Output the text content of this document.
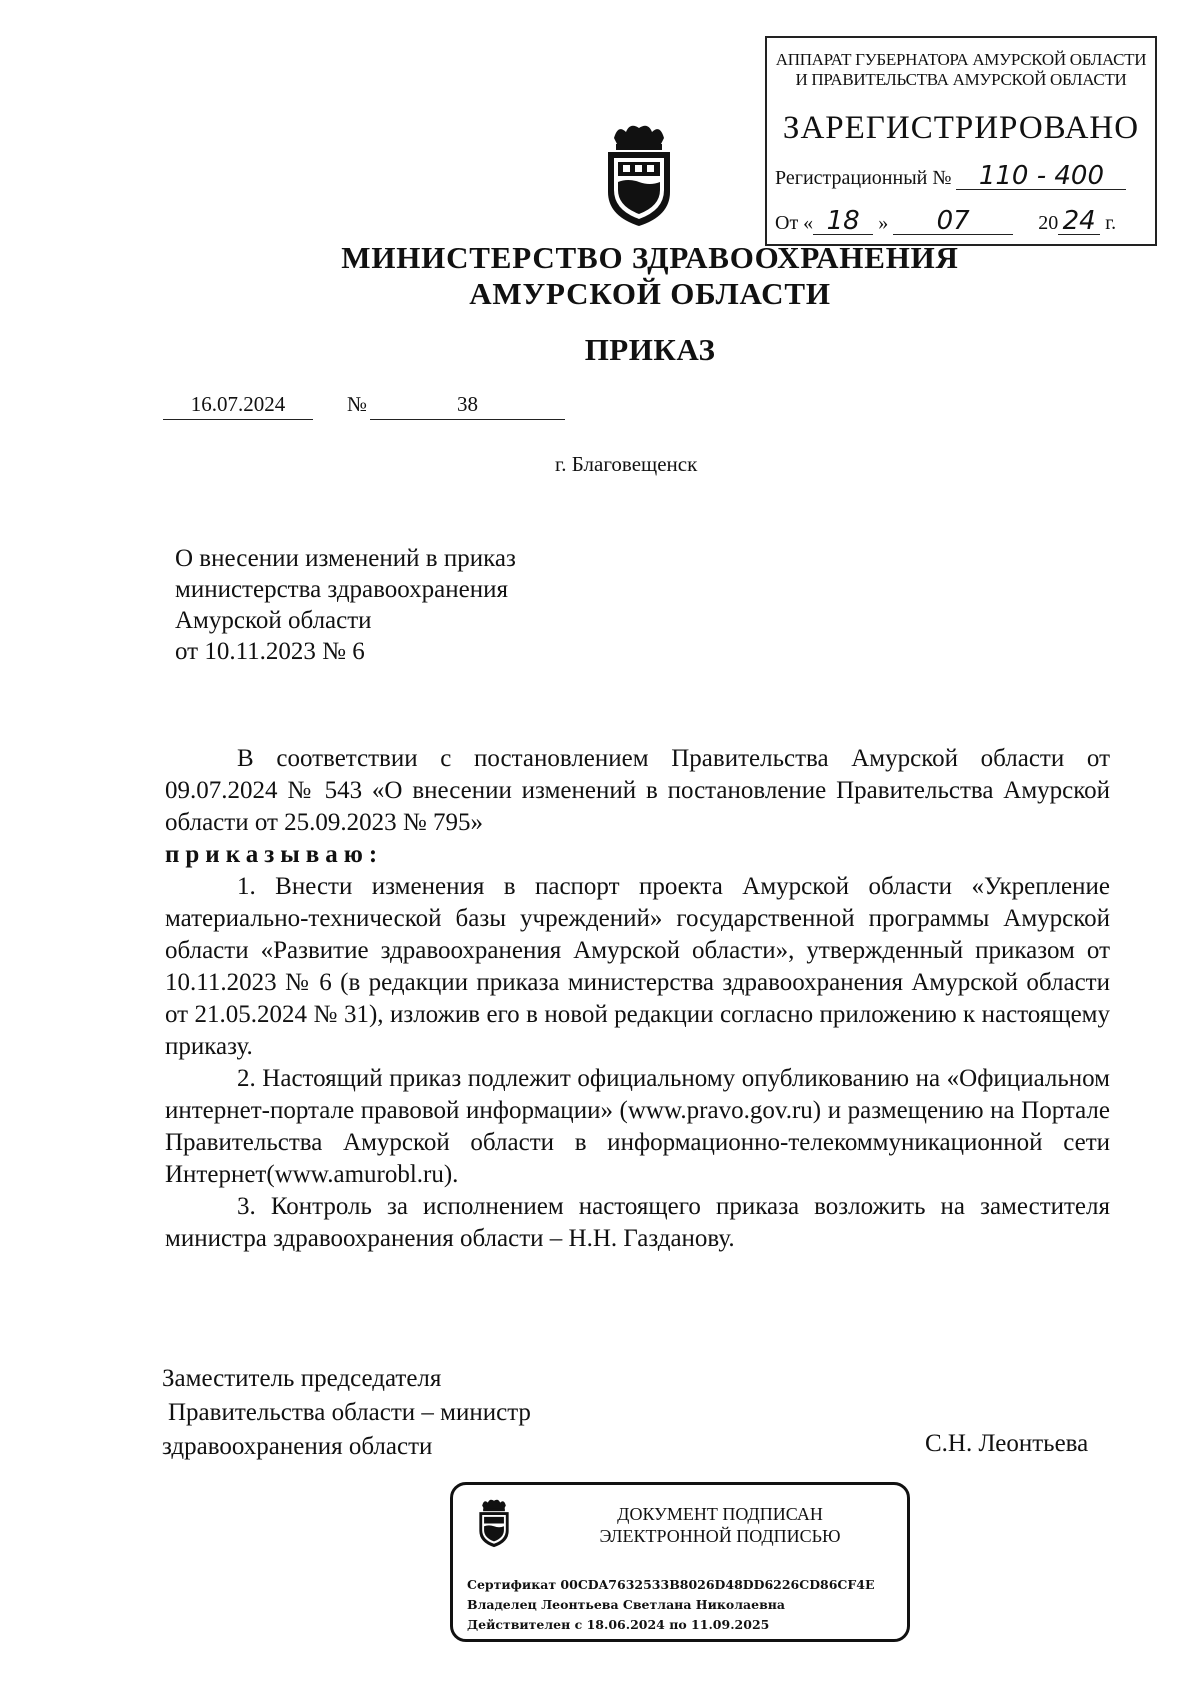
АППАРАТ ГУБЕРНАТОРА АМУРСКОЙ ОБЛАСТИ
И ПРАВИТЕЛЬСТВА АМУРСКОЙ ОБЛАСТИ
ЗАРЕГИСТРИРОВАНО
Регистрационный № 110 - 400
От « 18 » 07	20 24 г.
МИНИСТЕРСТВО ЗДРАВООХРАНЕНИЯ
АМУРСКОЙ ОБЛАСТИ
ПРИКАЗ
16.07.2024	№	38
г. Благовещенск
О внесении изменений в приказ
министерства здравоохранения
Амурской области
от 10.11.2023 № 6

В соответствии с постановлением Правительства Амурской области от 09.07.2024 № 543 «О внесении изменений в постановление Правительства Амурской области от 25.09.2023 № 795»

приказываю:

1. Внести изменения в паспорт проекта Амурской области «Укрепление материально-технической базы учреждений» государственной программы Амурской области «Развитие здравоохранения Амурской области», утвержденный приказом от 10.11.2023 № 6 (в редакции приказа министерства здравоохранения Амурской области от 21.05.2024 № 31), изложив его в новой редакции согласно приложению к настоящему приказу.

2. Настоящий приказ подлежит официальному опубликованию на «Официальном интернет-портале правовой информации» (www.pravo.gov.ru) и размещению на Портале Правительства Амурской области в информационно-телекоммуникационной сети Интернет(www.amurobl.ru).

3. Контроль за исполнением настоящего приказа возложить на заместителя министра здравоохранения области – Н.Н. Газданову.

Заместитель председателя
Правительства области – министр
здравоохранения области	С.Н. Леонтьева
ДОКУМЕНТ ПОДПИСАН
ЭЛЕКТРОННОЙ ПОДПИСЬЮ
Сертификат 00CDA7632533B8026D48DD6226CD86CF4E
Владелец Леонтьева Светлана Николаевна
Действителен с 18.06.2024 по 11.09.2025
